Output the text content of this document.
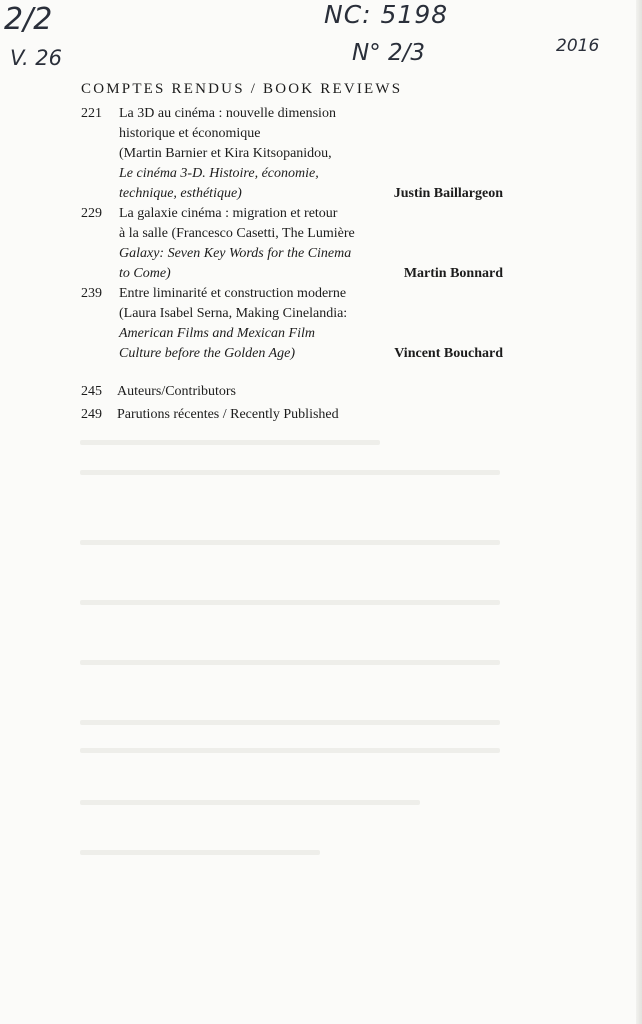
2/2
V. 26
NC: 5198
N° 2/3	2016
COMPTES RENDUS / BOOK REVIEWS
221	La 3D au cinéma : nouvelle dimension
historique et économique
(Martin Barnier et Kira Kitsopanidou,
Le cinéma 3-D. Histoire, économie,
technique, esthétique)	Justin Baillargeon
229	La galaxie cinéma : migration et retour
à la salle (Francesco Casetti, The Lumière
Galaxy: Seven Key Words for the Cinema
to Come)	Martin Bonnard
239	Entre liminarité et construction moderne
(Laura Isabel Serna, Making Cinelandia:
American Films and Mexican Film
Culture before the Golden Age)	Vincent Bouchard
245 Auteurs/Contributors
249 Parutions récentes / Recently Published
